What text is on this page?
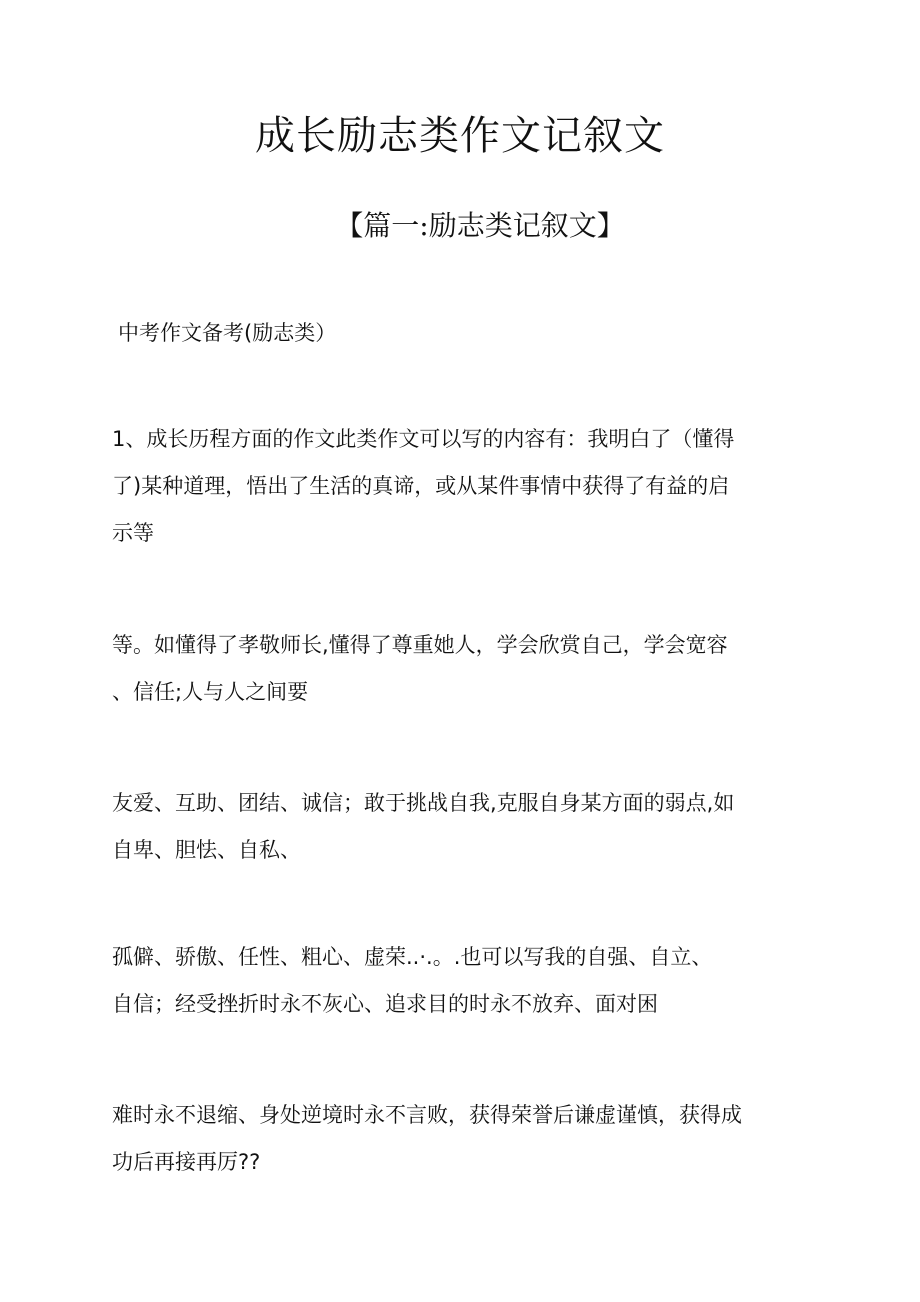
成长励志类作文记叙文
【篇一:励志类记叙文】
中考作文备考(励志类）
1、成长历程方面的作文此类作文可以写的内容有：我明白了（懂得
了)某种道理，悟出了生活的真谛，或从某件事情中获得了有益的启
示等
等。如懂得了孝敬师长,懂得了尊重她人，学会欣赏自己，学会宽容
、信任;人与人之间要
友爱、互助、团结、诚信；敢于挑战自我,克服自身某方面的弱点,如
自卑、胆怯、自私、
孤僻、骄傲、任性、粗心、虚荣..·.。.也可以写我的自强、自立、
自信；经受挫折时永不灰心、追求目的时永不放弃、面对困
难时永不退缩、身处逆境时永不言败，获得荣誉后谦虚谨慎，获得成
功后再接再厉??
